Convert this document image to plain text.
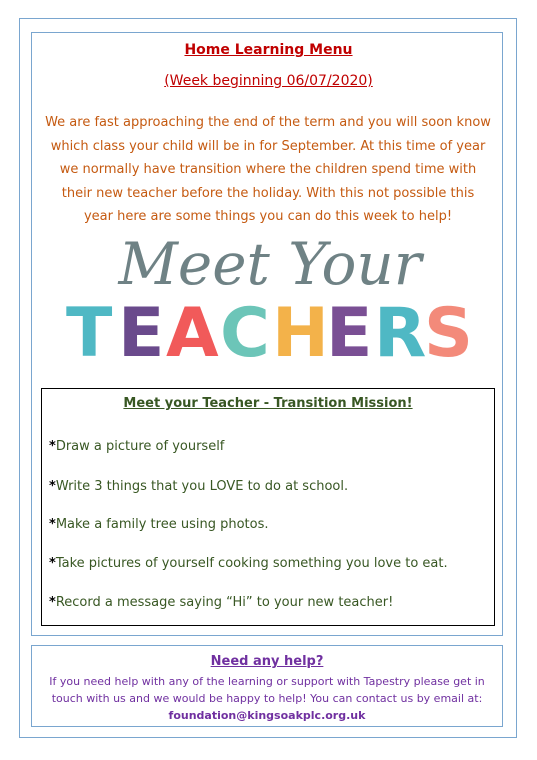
Home Learning Menu
(Week beginning 06/07/2020)

We are fast approaching the end of the term and you will soon know
which class your child will be in for September. At this time of year
we normally have transition where the children spend time with
their new teacher before the holiday. With this not possible this
year here are some things you can do this week to help!

Meet Your
T E A C H
E R
S
Meet your Teacher - Transition Mission!
*Draw a picture of yourself
*Write 3 things that you LOVE to do at school.
*Make a family tree using photos.
*Take pictures of yourself cooking something you love to eat.
*Record a message saying “Hi” to your new teacher!
Need any help?
If you need help with any of the learning or support with Tapestry please get in
touch with us and we would be happy to help! You can contact us by email at:
foundation@kingsoakplc.org.uk
